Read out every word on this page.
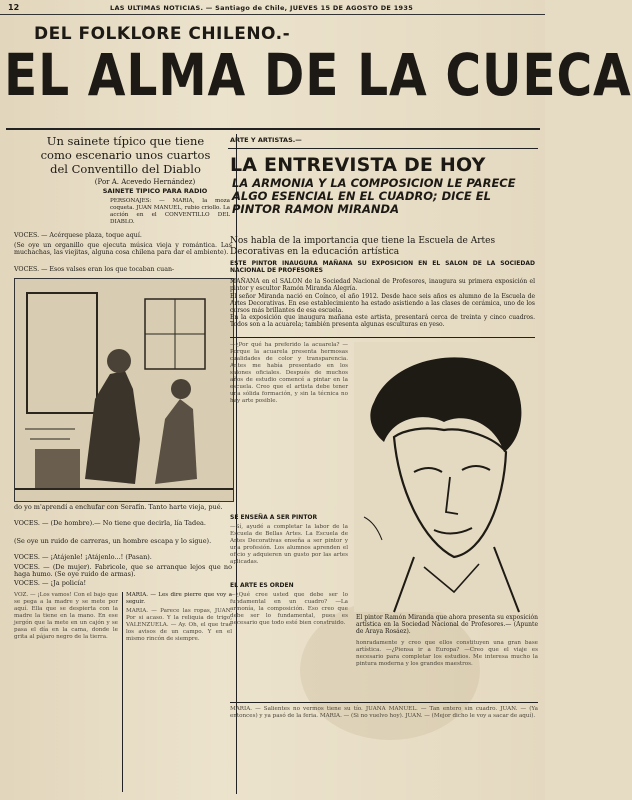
12	LAS ULTIMAS NOTICIAS. — Santiago de Chile, JUEVES 15 DE AGOSTO DE 1935
DEL FOLKLORE CHILENO.-
EL ALMA DE LA CUECA
Un sainete típico que tiene
como escenario unos cuartos
del Conventillo del Diablo
(Por A. Acevedo Hernández)
SAINETE TIPICO PARA RADIO
PERSONAJES: — MARIA, la moza coqueta. JUAN MANUEL, rubio criollo. La acción en el CONVENTILLO DEL DIABLO.
VOCES. — Acérquese plaza, toque aquí.
(Se oye un organillo que ejecuta música vieja y romántica. Las muchachas, las viejitas, alguna cosa chilena para dar el ambiente).
VOCES. — Esos valses eran los que tocaban cuan-
do yo m'aprendí a enchufar con Serafín. Tanto harte vieja, pué.
VOCES. — (De hombre).— No tiene que decirla, lía Tadea.
(Se oye un ruido de carreras, un hombre escapa y lo sigue).
VOCES. — ¡Atájenle! ¡Atájenlo...! (Pasan).
VOCES. — (De mujer). Fabricole, que se arranque lejos que no haga humo. (Se oye ruido de armas).
VOCES. — ¡Ja policía!
VOZ. — ¡Los vamos! Con el bajo que se pega a la madre y se mete por aquí. Ella que se despierta con la madre la tiene en la mano. En ese jergón que la mete en un cajón y se pasa el día en la cama, donde le grita al pájaro negro de la tierra.
MARIA. — Les dire pierre que voy a seguir.
MARIA. — Parece las ropas, JUAN. Por si acaso. Y la reliquia de trigo, VALENZUELA. — Ay. Oh, el que trae los avisos de un campo. Y en el mismo rincón de siempre.
ARTE Y ARTISTAS.—
LA ENTREVISTA DE HOY
LA ARMONIA Y LA COMPOSICION LE PARECE ALGO ESENCIAL EN EL CUADRO; DICE EL PINTOR RAMON MIRANDA
Nos habla de la importancia que tiene la Escuela de Artes Decorativas en la educación artística
ESTE PINTOR INAUGURA MAÑANA SU EXPOSICION EN EL SALON DE LA SOCIEDAD NACIONAL DE PROFESORES
MAÑANA en el SALON de la Sociedad Nacional de Profesores, inaugura su primera exposición el pintor y escultor Ramón Miranda Alegría.
El señor Miranda nació en Coínco, el año 1912. Desde hace seis años es alumno de la Escuela de Artes Decorativas. En ese establecimiento ha estado asistiendo a las clases de cerámica, uno de los cursos más brillantes de esa escuela.
En la exposición que inaugura mañana este artista, presentará cerca de treinta y cinco cuadros. Todos son a la acuarela; también presenta algunas esculturas en yeso.
—¿Por qué ha preferido la acuarela? —Porque la acuarela presenta hermosas cualidades de color y transparencia. Antes me había presentado en los salones oficiales. Después de muchos años de estudio comencé a pintar en la escuela. Creo que el artista debe tener una sólida formación, y sin la técnica no hay arte posible.
SE ENSEÑA A SER PINTOR
—Sí, ayudé a completar la labor de la Escuela de Bellas Artes. La Escuela de Artes Decorativas enseña a ser pintor y una profesión. Los alumnos aprenden el oficio y adquieren un gusto por las artes aplicadas.
EL ARTE ES ORDEN
—¿Qué cree usted que debe ser lo fundamental en un cuadro? —La armonía, la composición. Eso creo que debe ser lo fundamental, pues es necesario que todo esté bien construido.
El pintor Ramón Miranda que ahora presenta su exposición artística en la Sociedad Nacional de Profesores.— (Apunte de Araya Rosáez).
honradamente y creo que ellos constituyen una gran base artística. —¿Piensa ir a Europa? —Creo que el viaje es necesario para completar los estudios. Me interesa mucho la pintura moderna y los grandes maestros.
MARIA. — Salientes no vermos tiene su tío. JUANA MANUEL. — Tan entero sin cuadro. JUAN. — (Ya entonces) y ya pasó de la feria. MARIA. — (Si no vuelvo hoy). JUAN. — (Mejor dicho le voy a sacar de aquí).
